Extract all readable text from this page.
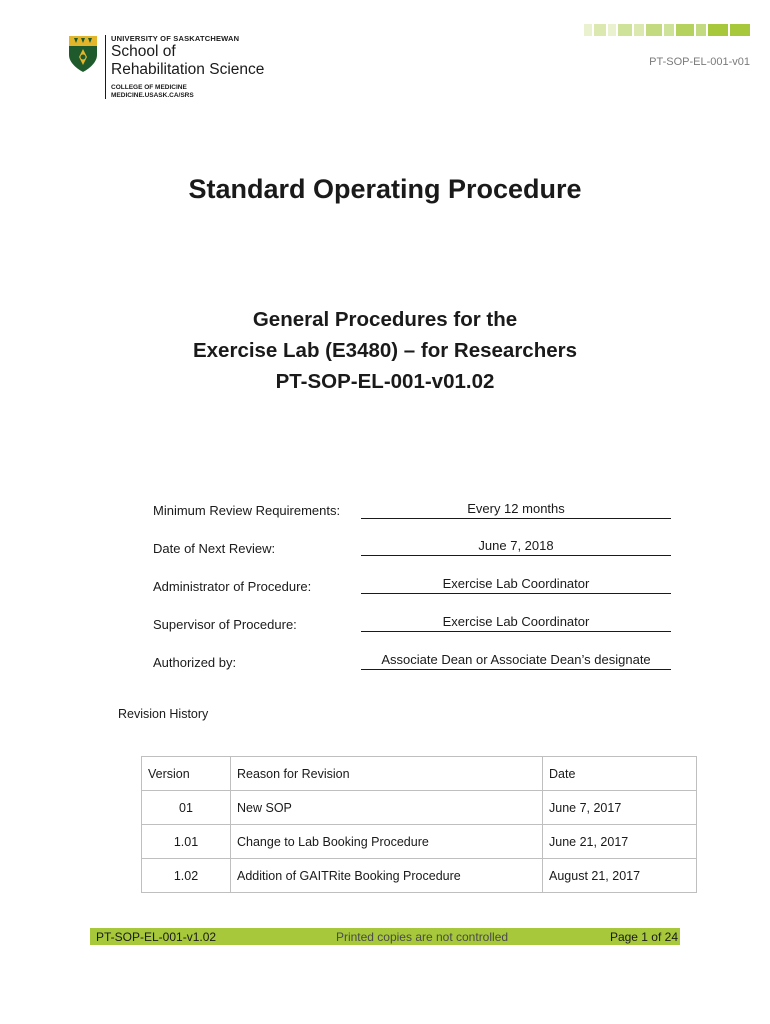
UNIVERSITY OF SASKATCHEWAN
School of
Rehabilitation Science
COLLEGE OF MEDICINE
MEDICINE.USASK.CA/SRS
PT-SOP-EL-001-v01
Standard Operating Procedure
General Procedures for the
Exercise Lab (E3480) – for Researchers
PT-SOP-EL-001-v01.02
Minimum Review Requirements:	Every 12 months
Date of Next Review:	June 7, 2018
Administrator of Procedure:	Exercise Lab Coordinator
Supervisor of Procedure:	Exercise Lab Coordinator
Authorized by:	Associate Dean or Associate Dean’s designate
Revision History
Version	Reason for Revision	Date
01	New SOP	June 7, 2017
1.01	Change to Lab Booking Procedure	June 21, 2017
1.02	Addition of GAITRite Booking Procedure	August 21, 2017
PT-SOP-EL-001-v1.02	Printed copies are not controlled	Page 1 of 24
